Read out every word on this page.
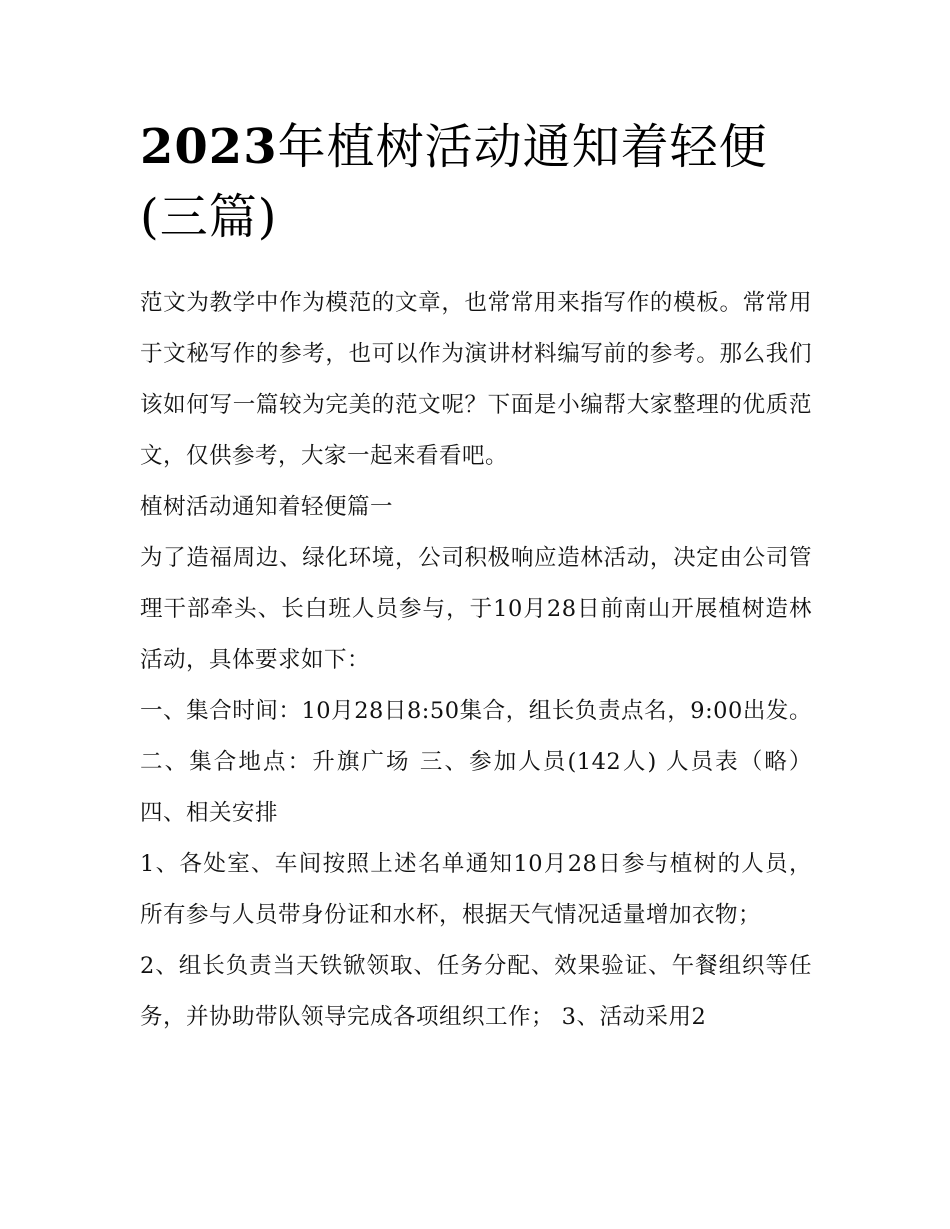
2023年植树活动通知着轻便
(三篇)

范文为教学中作为模范的文章，也常常用来指写作的模板。常常用于文秘写作的参考，也可以作为演讲材料编写前的参考。那么我们该如何写一篇较为完美的范文呢？下面是小编帮大家整理的优质范文，仅供参考，大家一起来看看吧。

植树活动通知着轻便篇一

为了造福周边、绿化环境，公司积极响应造林活动，决定由公司管理干部牵头、长白班人员参与，于10月28日前南山开展植树造林活动，具体要求如下：

一、集合时间：10月28日8:50集合，组长负责点名，9:00出发。 二、集合地点：升旗广场 三、参加人员(142人) 人员表（略） 四、相关安排

1、各处室、车间按照上述名单通知10月28日参与植树的人员，所有参与人员带身份证和水杯，根据天气情况适量增加衣物；

2、组长负责当天铁锨领取、任务分配、效果验证、午餐组织等任务，并协助带队领导完成各项组织工作； 3、活动采用2
